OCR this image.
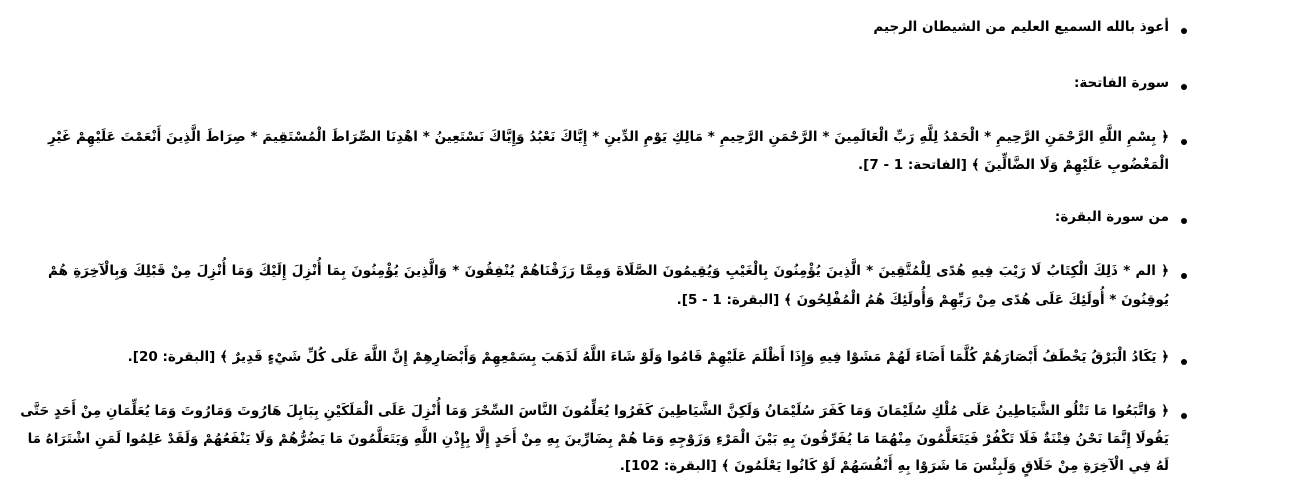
أعوذ بالله السميع العليم من الشيطان الرجيم
سورة الفاتحة:
﴿ بِسْمِ اللَّهِ الرَّحْمَنِ الرَّحِيمِ * الْحَمْدُ لِلَّهِ رَبِّ الْعَالَمِينَ * الرَّحْمَنِ الرَّحِيمِ * مَالِكِ يَوْمِ الدِّينِ * إِيَّاكَ نَعْبُدُ وَإِيَّاكَ نَسْتَعِينُ * اهْدِنَا الصِّرَاطَ الْمُسْتَقِيمَ * صِرَاطَ الَّذِينَ أَنْعَمْتَ عَلَيْهِمْ غَيْرِ
الْمَغْضُوبِ عَلَيْهِمْ وَلَا الضَّالِّينَ ﴾ [الفاتحة: 1 - 7].
من سورة البقرة:
﴿ الم * ذَلِكَ الْكِتَابُ لَا رَيْبَ فِيهِ هُدًى لِلْمُتَّقِينَ * الَّذِينَ يُؤْمِنُونَ بِالْغَيْبِ وَيُقِيمُونَ الصَّلَاةَ وَمِمَّا رَزَقْنَاهُمْ يُنْفِقُونَ * وَالَّذِينَ يُؤْمِنُونَ بِمَا أُنْزِلَ إِلَيْكَ وَمَا أُنْزِلَ مِنْ قَبْلِكَ وَبِالْآخِرَةِ هُمْ
يُوقِنُونَ * أُولَئِكَ عَلَى هُدًى مِنْ رَبِّهِمْ وَأُولَئِكَ هُمُ الْمُفْلِحُونَ ﴾ [البقرة: 1 - 5].
﴿ يَكَادُ الْبَرْقُ يَخْطَفُ أَبْصَارَهُمْ كُلَّمَا أَضَاءَ لَهُمْ مَشَوْا فِيهِ وَإِذَا أَظْلَمَ عَلَيْهِمْ قَامُوا وَلَوْ شَاءَ اللَّهُ لَذَهَبَ بِسَمْعِهِمْ وَأَبْصَارِهِمْ إِنَّ اللَّهَ عَلَى كُلِّ شَيْءٍ قَدِيرٌ ﴾ [البقرة: 20].
﴿ وَاتَّبَعُوا مَا تَتْلُو الشَّيَاطِينُ عَلَى مُلْكِ سُلَيْمَانَ وَمَا كَفَرَ سُلَيْمَانُ وَلَكِنَّ الشَّيَاطِينَ كَفَرُوا يُعَلِّمُونَ النَّاسَ السِّحْرَ وَمَا أُنْزِلَ عَلَى الْمَلَكَيْنِ بِبَابِلَ هَارُوتَ وَمَارُوتَ وَمَا يُعَلِّمَانِ مِنْ أَحَدٍ حَتَّى
يَقُولَا إِنَّمَا نَحْنُ فِتْنَةٌ فَلَا تَكْفُرْ فَيَتَعَلَّمُونَ مِنْهُمَا مَا يُفَرِّقُونَ بِهِ بَيْنَ الْمَرْءِ وَزَوْجِهِ وَمَا هُمْ بِضَارِّينَ بِهِ مِنْ أَحَدٍ إِلَّا بِإِذْنِ اللَّهِ وَيَتَعَلَّمُونَ مَا يَضُرُّهُمْ وَلَا يَنْفَعُهُمْ وَلَقَدْ عَلِمُوا لَمَنِ اشْتَرَاهُ مَا
لَهُ فِي الْآخِرَةِ مِنْ خَلَاقٍ وَلَبِئْسَ مَا شَرَوْا بِهِ أَنْفُسَهُمْ لَوْ كَانُوا يَعْلَمُونَ ﴾ [البقرة: 102].
